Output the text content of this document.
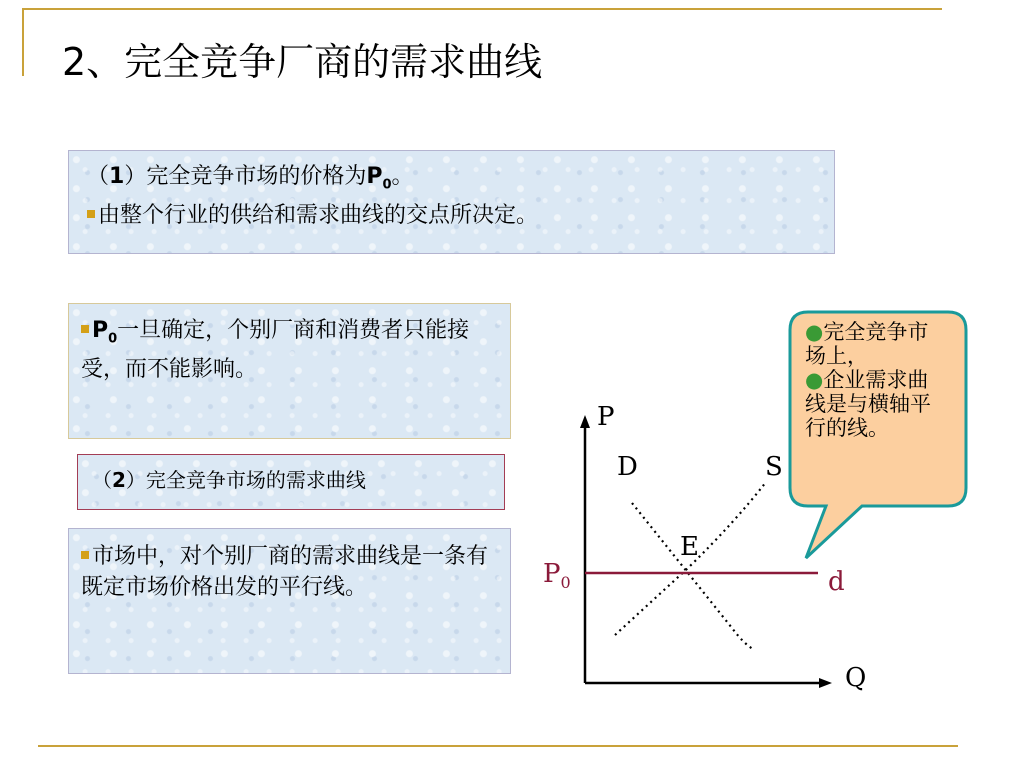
2、完全竞争厂商的需求曲线
（1）完全竞争市场的价格为$P_0$。
由整个行业的供给和需求曲线的交点所决定。
$P_0$一旦确定，个别厂商和消费者只能接受，而不能影响。
（2）完全竞争市场的需求曲线
市场中，对个别厂商的需求曲线是一条有既定市场价格出发的平行线。
P
D	S
E
$P_0$	d
Q
●完全竞争市场上，
●企业需求曲线是与横轴平行的线。
